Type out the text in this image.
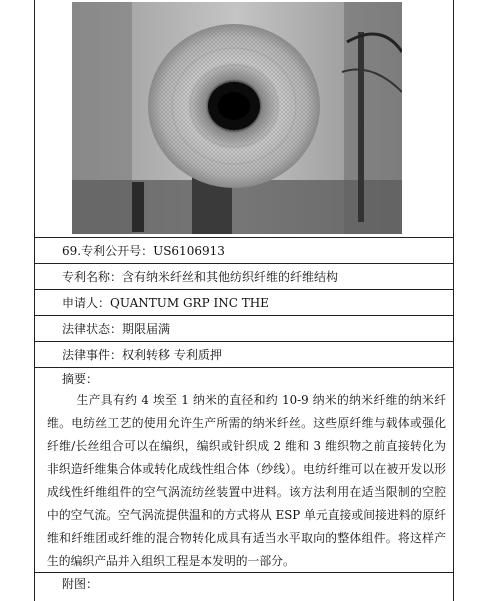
69.专利公开号：US6106913
专利名称：含有纳米纤丝和其他纺织纤维的纤维结构
申请人：QUANTUM GRP INC THE
法律状态：期限届满
法律事件：权利转移 专利质押
摘要：
生产具有约 4 埃至 1 纳米的直径和约 10-9 纳米的纳米纤维的纳米纤维。电纺丝工艺的使用允许生产所需的纳米纤丝。这些原纤维与载体或强化纤维/长丝组合可以在编织，编织或针织成 2 维和 3 维织物之前直接转化为非织造纤维集合体或转化成线性组合体（纱线）。电纺纤维可以在被开发以形成线性纤维组件的空气涡流纺丝装置中进料。该方法利用在适当限制的空腔中的空气流。空气涡流提供温和的方式将从 ESP 单元直接或间接进料的原纤维和纤维团或纤维的混合物转化成具有适当水平取向的整体组件。将这样产生的编织产品并入组织工程是本发明的一部分。
附图：
